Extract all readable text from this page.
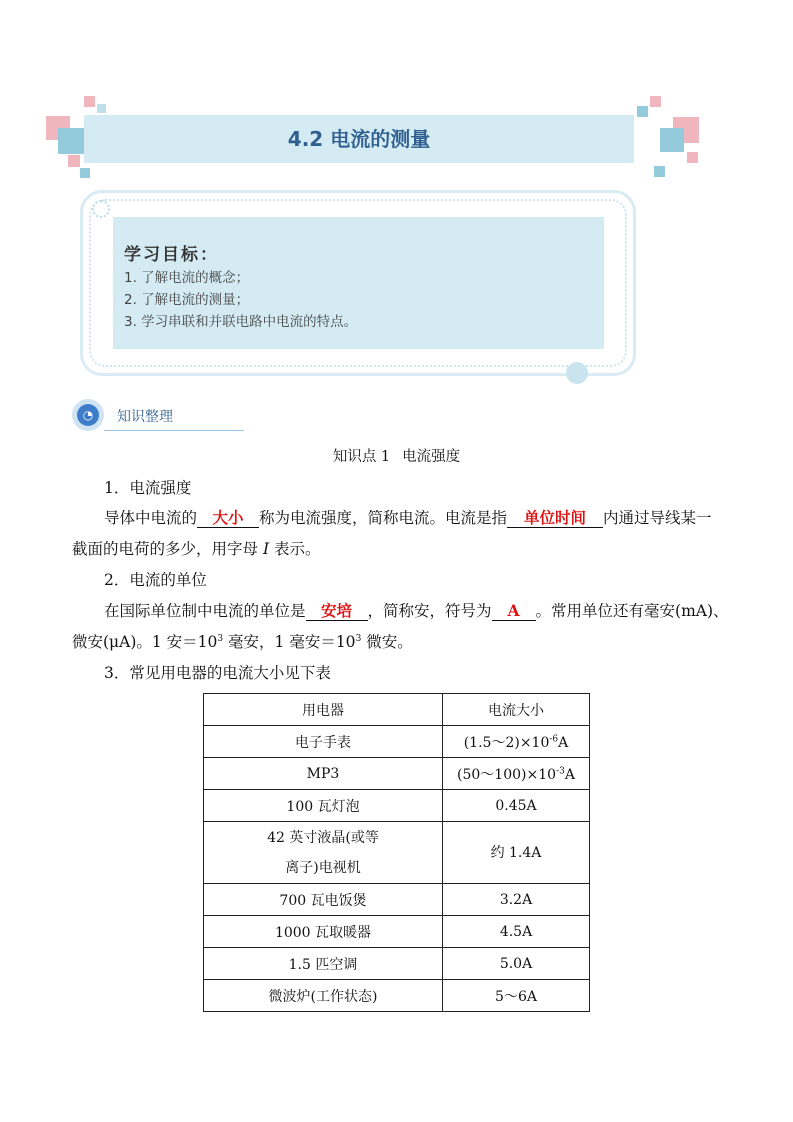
4.2 电流的测量
学习目标：
1. 了解电流的概念；
2. 了解电流的测量；
3. 学习串联和并联电路中电流的特点。
◔	知识整理
知识点 1 电流强度
1．电流强度
导体中电流的 大小 称为电流强度，简称电流。电流是指 单位时间 内通过导线某一
截面的电荷的多少，用字母 I 表示。
2．电流的单位
在国际单位制中电流的单位是 安培 ，简称安，符号为 A 。常用单位还有毫安(mA)、
微安(μA)。1 安$=10^3$ 毫安，1 毫安$=10^3$ 微安。
3．常见用电器的电流大小见下表
用电器	电流大小
电子手表	$(1.5\sim 2)\times 10^{-6}A$
MP3	$(50\sim 100)\times 10^{-3}A$
100 瓦灯泡	0.45A
42 英寸液晶(或等
离子)电视机	约 1.4A
700 瓦电饭煲	3.2A
1000 瓦取暖器	4.5A
1.5 匹空调	5.0A
微波炉(工作状态)	5～6A
